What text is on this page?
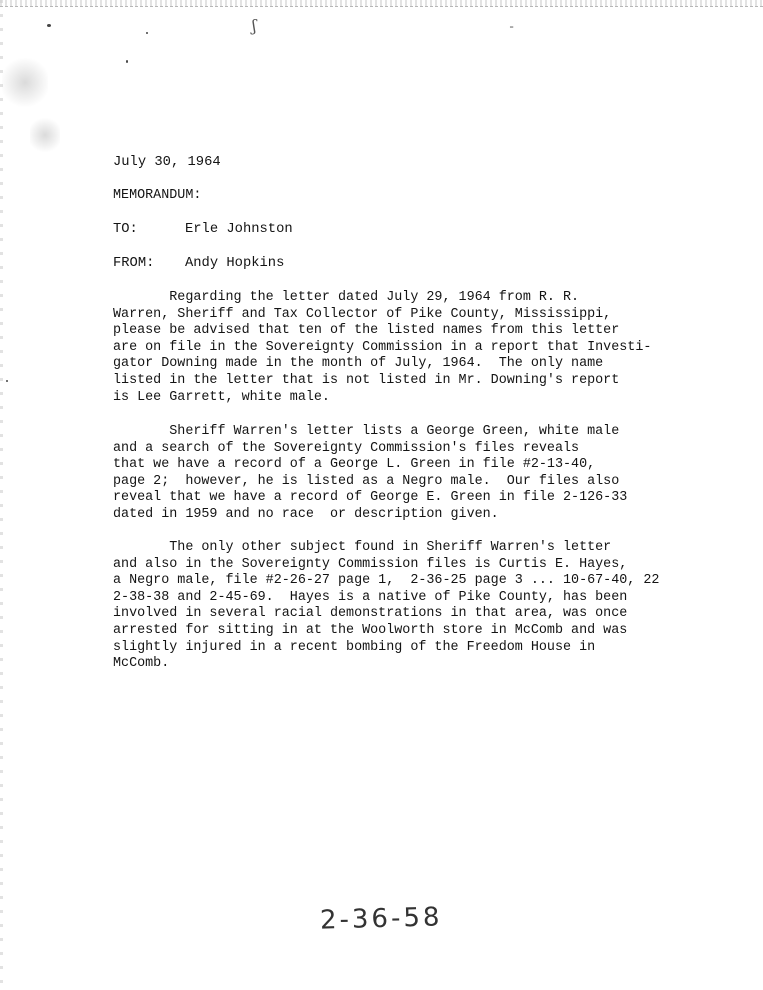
ʃ	-
July 30, 1964
MEMORANDUM:
TO:	Erle Johnston
FROM: Andy Hopkins

Regarding the letter dated July 29, 1964 from R. R.
Warren, Sheriff and Tax Collector of Pike County, Mississippi,
please be advised that ten of the listed names from this letter
are on file in the Sovereignty Commission in a report that Investi-
gator Downing made in the month of July, 1964.  The only name
listed in the letter that is not listed in Mr. Downing's report
is Lee Garrett, white male.

Sheriff Warren's letter lists a George Green, white male
and a search of the Sovereignty Commission's files reveals
that we have a record of a George L. Green in file #2-13-40,
page 2;  however, he is listed as a Negro male.  Our files also
reveal that we have a record of George E. Green in file 2-126-33
dated in 1959 and no race  or description given.

The only other subject found in Sheriff Warren's letter
and also in the Sovereignty Commission files is Curtis E. Hayes,
a Negro male, file #2-26-27 page 1,  2-36-25 page 3 ... 10-67-40, 22
2-38-38 and 2-45-69.  Hayes is a native of Pike County, has been
involved in several racial demonstrations in that area, was once
arrested for sitting in at the Woolworth store in McComb and was
slightly injured in a recent bombing of the Freedom House in
McComb.

2-36-58
